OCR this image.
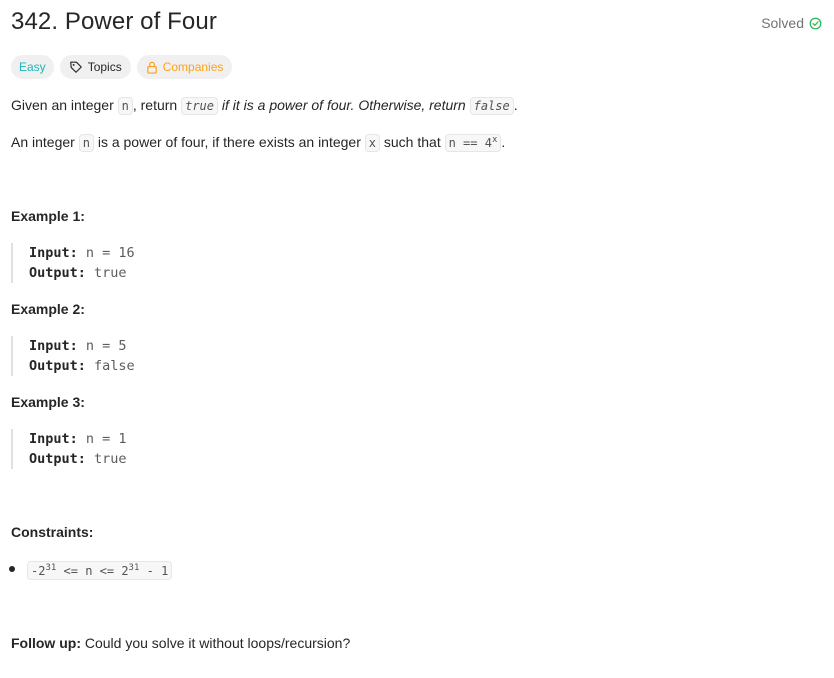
342. Power of Four	Solved
Easy	Topics	Companies

Given an integer n , return true if it is a power of four. Otherwise, return false .

An integer n is a power of four, if there exists an integer x such that $n == 4^x$ .

Example 1:
Input: n = 16
Output: true
Example 2:
Input: n = 5
Output: false
Example 3:
Input: n = 1
Output: true
Constraints:
$-2^{31} <= n <= 2^{31} - 1$

Follow up: Could you solve it without loops/recursion?
